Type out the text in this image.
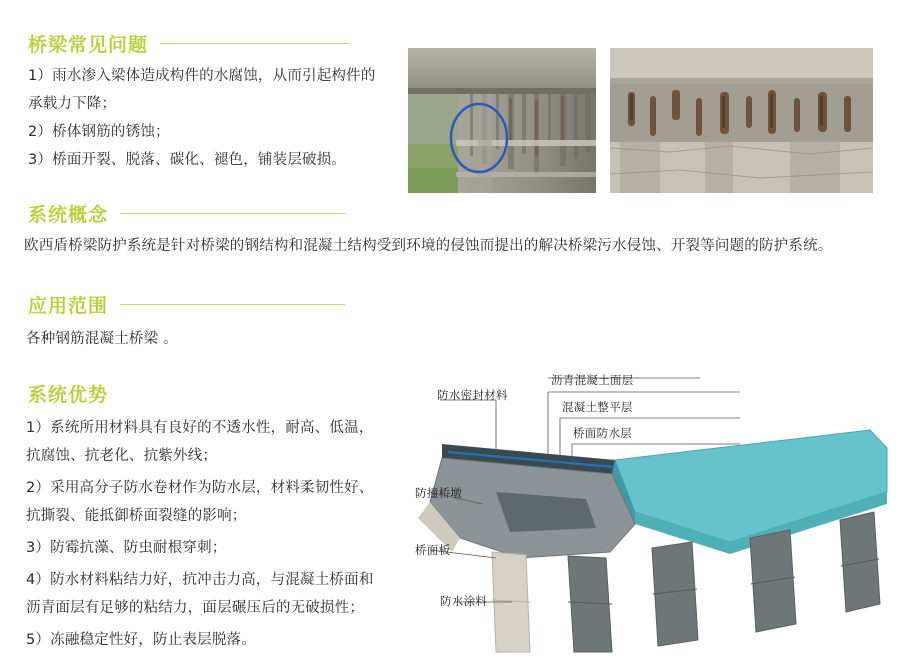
桥梁常见问题

1）雨水渗入梁体造成构件的水腐蚀，从而引起构件的承载力下降；

2）桥体钢筋的锈蚀；

3）桥面开裂、脱落、碳化、褪色，铺装层破损。

系统概念
欧西盾桥梁防护系统是针对桥梁的钢结构和混凝土结构受到环境的侵蚀而提出的解决桥梁污水侵蚀、开裂等问题的防护系统。
应用范围
各种钢筋混凝土桥梁 。
系统优势

1）系统所用材料具有良好的不透水性，耐高、低温，抗腐蚀、抗老化、抗紫外线；

2）采用高分子防水卷材作为防水层，材料柔韧性好、抗撕裂、能抵御桥面裂缝的影响；

3）防霉抗藻、防虫耐根穿刺；

4）防水材料粘结力好，抗冲击力高，与混凝土桥面和沥青面层有足够的粘结力，面层碾压后的无破损性；

5）冻融稳定性好，防止表层脱落。

沥青混凝土面层
混凝土整平层
桥面防水层
防水密封材料
防撞桥墩
桥面板
防水涂料
